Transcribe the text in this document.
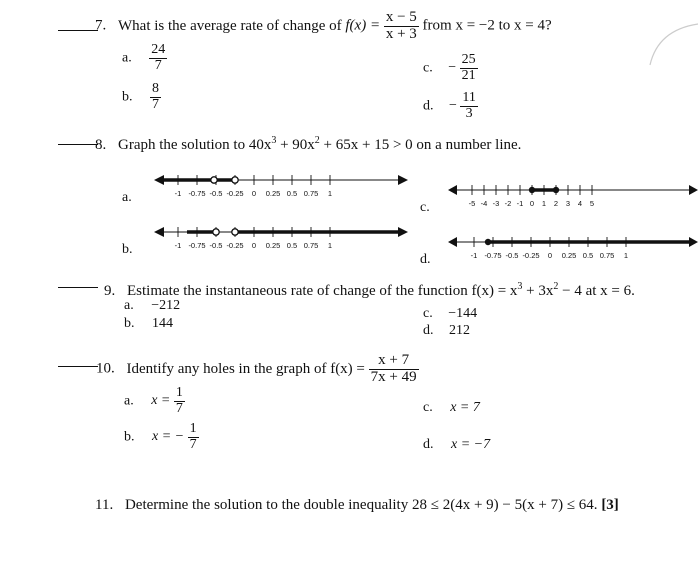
7. What is the average rate of change of $f(x) = \frac{x - 5}{x + 3}$ from x = −2 to x = 4?
a. $\frac{24}{7}$
b. $\frac{8}{7}$
c. − $\frac{25}{21}$
d. − $\frac{11}{3}$
8. Graph the solution to $40x^3 + 90x^2 + 65x + 15 > 0$ on a number line.
a.
b.
c.
d.
-1 -0.75 -0.5 -0.25 0 0.25 0.5 0.75 1
-1 -0.75 -0.5 -0.25 0 0.25 0.5 0.75 1
-5 -4 -3 -2 -1 0 1 2 3 4 5
-1 -0.75 -0.5 -0.25 0 0.25 0.5 0.75 1
9. Estimate the instantaneous rate of change of the function $f(x) = x^3 + 3x^2 - 4$ at x = 6.
a. −212
b. 144
c. −144
d. 212
10. Identify any holes in the graph of $f(x) = \frac{x + 7}{7x + 49}$
a. $x = \frac{1}{7}$
b. x = − $\frac{1}{7}$
c. x = 7
d. x = −7
11. Determine the solution to the double inequality 28 ≤ 2(4x + 9) − 5(x + 7) ≤ 64. [3]
